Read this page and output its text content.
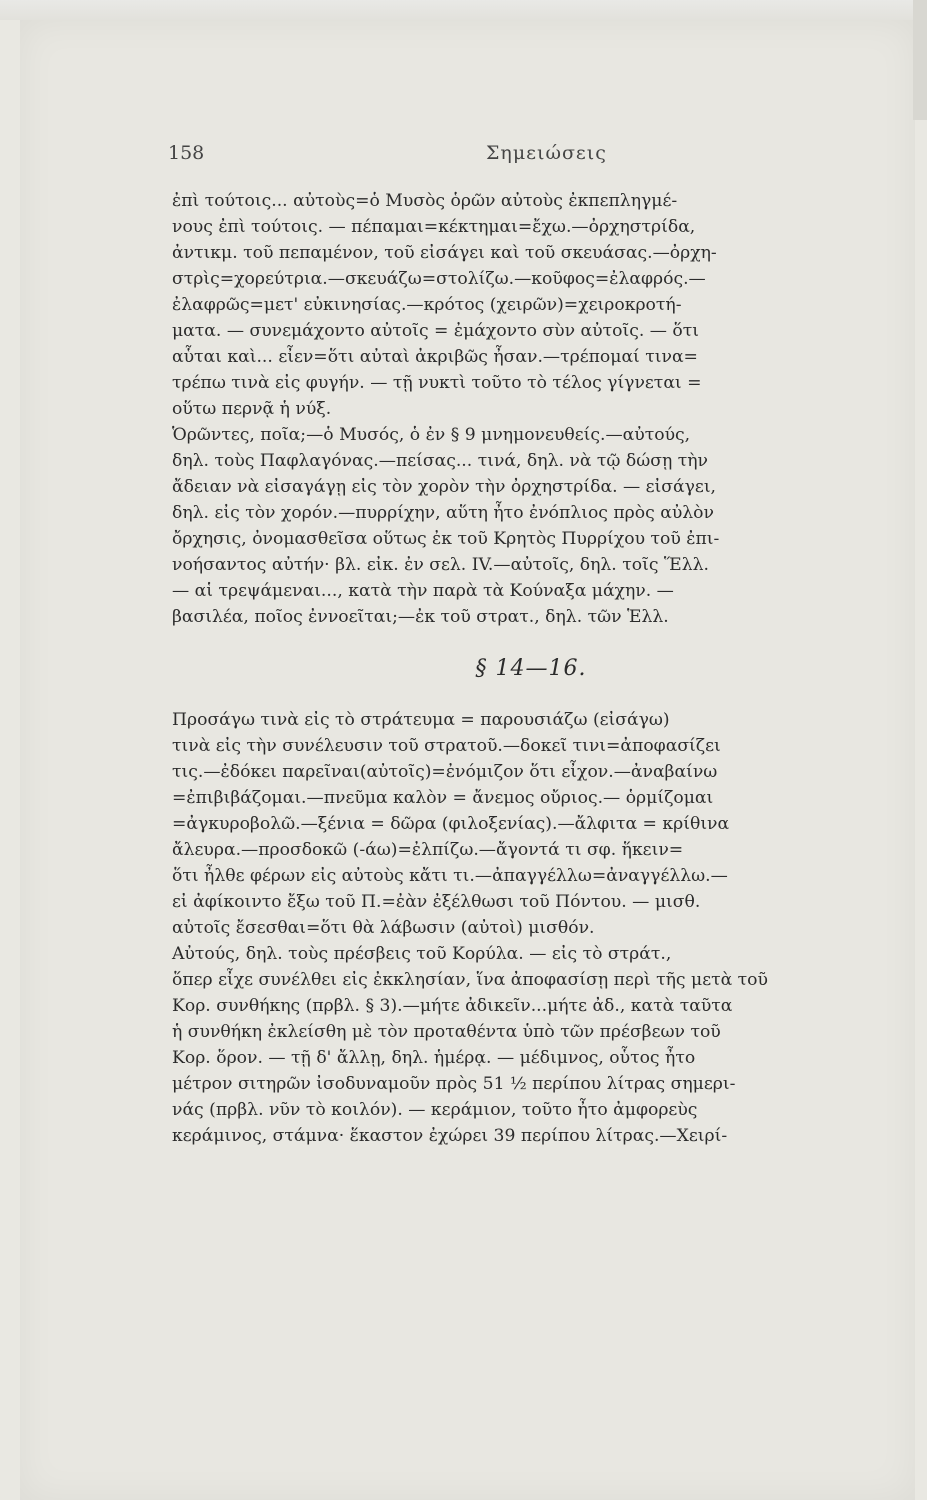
158	Σημειώσεις

ἐπὶ τούτοις... αὐτοὺς=ὁ Μυσὸς ὁρῶν αὐτοὺς ἐκπεπληγμέ-
νους ἐπὶ τούτοις. — πέπαμαι=κέκτημαι=ἔχω.—ὀρχηστρίδα,
ἀντικμ. τοῦ πεπαμένον, τοῦ εἰσάγει καὶ τοῦ σκευάσας.—ὀρχη-
στρὶς=χορεύτρια.—σκευάζω=στολίζω.—κοῦφος=ἐλαφρός.—
ἐλαφρῶς=μετ' εὐκινησίας.—κρότος (χειρῶν)=χειροκροτή-
ματα. — συνεμάχοντο αὐτοῖς = ἐμάχοντο σὺν αὐτοῖς. — ὅτι
αὗται καὶ... εἶεν=ὅτι αὐταὶ ἀκριβῶς ἦσαν.—τρέπομαί τινα=
τρέπω τινὰ εἰς φυγήν. — τῇ νυκτὶ τοῦτο τὸ τέλος γίγνεται =
οὕτω περνᾷ ἡ νύξ.

Ὁρῶντες, ποῖα;—ὁ Μυσός, ὁ ἐν § 9 μνημονευθείς.—αὐτούς,
δηλ. τοὺς Παφλαγόνας.—πείσας... τινά, δηλ. νὰ τῷ δώσῃ τὴν
ἄδειαν νὰ εἰσαγάγῃ εἰς τὸν χορὸν τὴν ὀρχηστρίδα. — εἰσάγει,
δηλ. εἰς τὸν χορόν.—πυρρίχην, αὕτη ἦτο ἐνόπλιος πρὸς αὐλὸν
ὄρχησις, ὀνομασθεῖσα οὕτως ἐκ τοῦ Κρητὸς Πυρρίχου τοῦ ἐπι-
νοήσαντος αὐτήν· βλ. εἰκ. ἐν σελ. IV.—αὐτοῖς, δηλ. τοῖς Ἕλλ.
— αἱ τρεψάμεναι..., κατὰ τὴν παρὰ τὰ Κούναξα μάχην. —
βασιλέα, ποῖος ἐννοεῖται;—ἐκ τοῦ στρατ., δηλ. τῶν Ἑλλ.

§ 14—16.

Προσάγω τινὰ εἰς τὸ στράτευμα = παρουσιάζω (εἰσάγω)
τινὰ εἰς τὴν συνέλευσιν τοῦ στρατοῦ.—δοκεῖ τινι=ἀποφασίζει
τις.—ἐδόκει παρεῖναι(αὐτοῖς)=ἐνόμιζον ὅτι εἶχον.—ἀναβαίνω
=ἐπιβιβάζομαι.—πνεῦμα καλὸν = ἄνεμος οὔριος.— ὁρμίζομαι
=ἀγκυροβολῶ.—ξένια = δῶρα (φιλοξενίας).—ἄλφιτα = κρίθινα
ἄλευρα.—προσδοκῶ (-άω)=ἐλπίζω.—ἄγοντά τι σφ. ἥκειν=
ὅτι ἦλθε φέρων εἰς αὐτοὺς κἄτι τι.—ἀπαγγέλλω=ἀναγγέλλω.—
εἰ ἀφίκοιντο ἔξω τοῦ Π.=ἐὰν ἐξέλθωσι τοῦ Πόντου. — μισθ.
αὐτοῖς ἔσεσθαι=ὅτι θὰ λάβωσιν (αὐτοὶ) μισθόν.

Αὐτούς, δηλ. τοὺς πρέσβεις τοῦ Κορύλα. — εἰς τὸ στράτ.,
ὅπερ εἶχε συνέλθει εἰς ἐκκλησίαν, ἵνα ἀποφασίσῃ περὶ τῆς μετὰ τοῦ
Κορ. συνθήκης (πρβλ. § 3).—μήτε ἀδικεῖν...μήτε ἀδ., κατὰ ταῦτα
ἡ συνθήκη ἐκλείσθη μὲ τὸν προταθέντα ὑπὸ τῶν πρέσβεων τοῦ
Κορ. ὅρον. — τῇ δ' ἄλλῃ, δηλ. ἡμέρᾳ. — μέδιμνος, οὗτος ἦτο
μέτρον σιτηρῶν ἰσοδυναμοῦν πρὸς 51 ½ περίπου λίτρας σημερι-
νάς (πρβλ. νῦν τὸ κοιλόν). — κεράμιον, τοῦτο ἦτο ἀμφορεὺς
κεράμινος, στάμνα· ἕκαστον ἐχώρει 39 περίπου λίτρας.—Χειρί-
